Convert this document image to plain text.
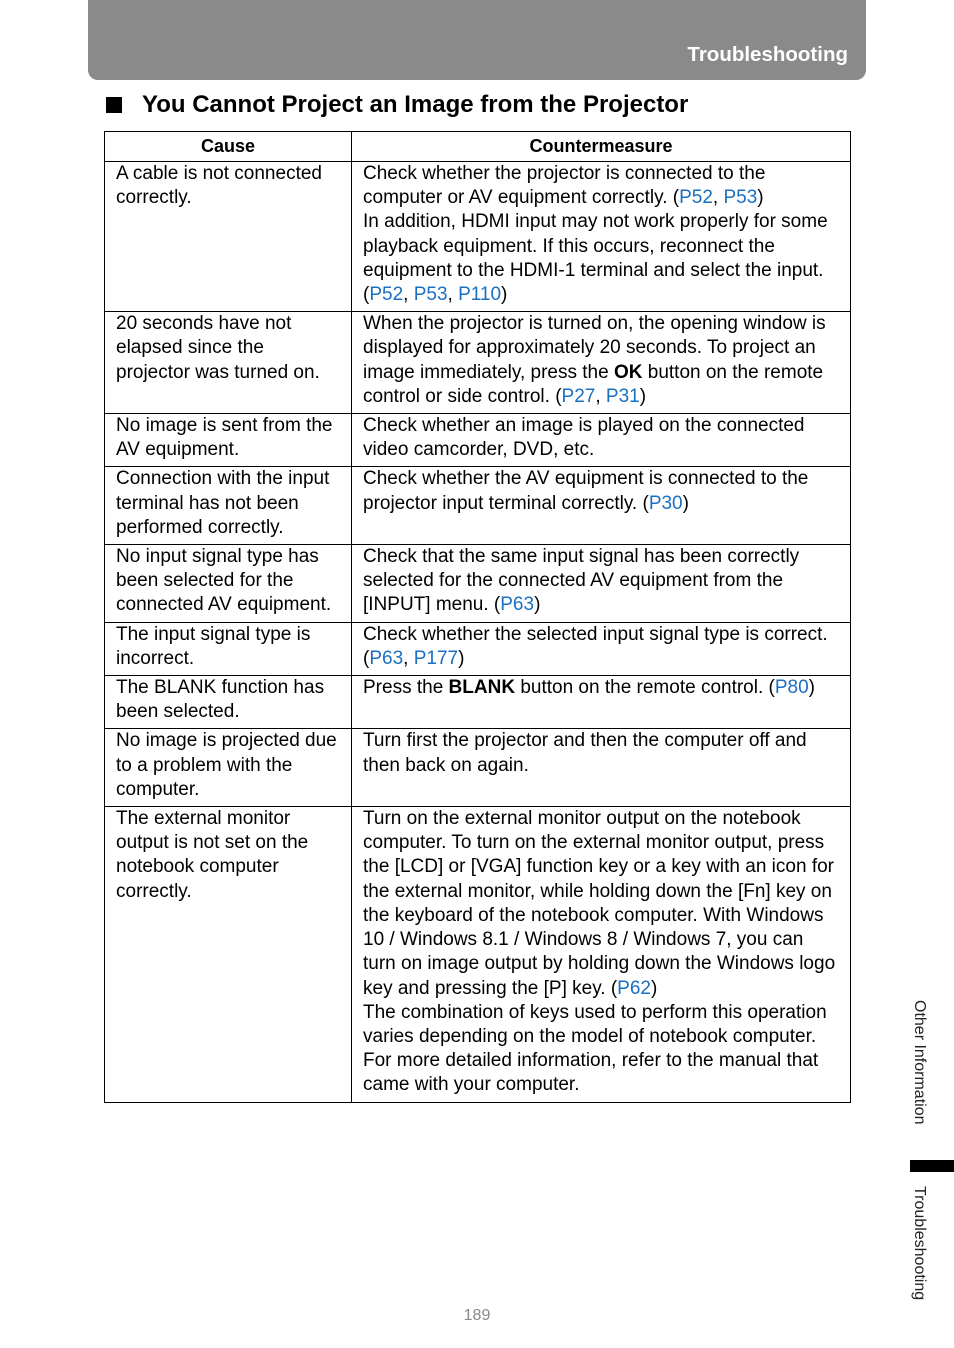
Troubleshooting
You Cannot Project an Image from the Projector
Cause	Countermeasure
A cable is not connected correctly.	Check whether the projector is connected to the computer or AV equipment correctly. (P52, P53)
In addition, HDMI input may not work properly for some playback equipment. If this occurs, reconnect the equipment to the HDMI-1 terminal and select the input. (P52, P53, P110)
20 seconds have not elapsed since the projector was turned on.	When the projector is turned on, the opening window is displayed for approximately 20 seconds. To project an image immediately, press the OK button on the remote control or side control. (P27, P31)
No image is sent from the AV equipment.	Check whether an image is played on the connected video camcorder, DVD, etc.
Connection with the input terminal has not been performed correctly.	Check whether the AV equipment is connected to the projector input terminal correctly. (P30)
No input signal type has been selected for the connected AV equipment.	Check that the same input signal has been correctly selected for the connected AV equipment from the [INPUT] menu. (P63)
The input signal type is incorrect.	Check whether the selected input signal type is correct. (P63, P177)
The BLANK function has been selected.	Press the BLANK button on the remote control. (P80)
No image is projected due to a problem with the computer.	Turn first the projector and then the computer off and then back on again.
The external monitor output is not set on the notebook computer correctly.	Turn on the external monitor output on the notebook computer. To turn on the external monitor output, press the [LCD] or [VGA] function key or a key with an icon for the external monitor, while holding down the [Fn] key on the keyboard of the notebook computer. With Windows 10 / Windows 8.1 / Windows 8 / Windows 7, you can turn on image output by holding down the Windows logo key and pressing the [P] key. (P62)
The combination of keys used to perform this operation varies depending on the model of notebook computer. For more detailed information, refer to the manual that came with your computer.
189
Other Information
Troubleshooting
